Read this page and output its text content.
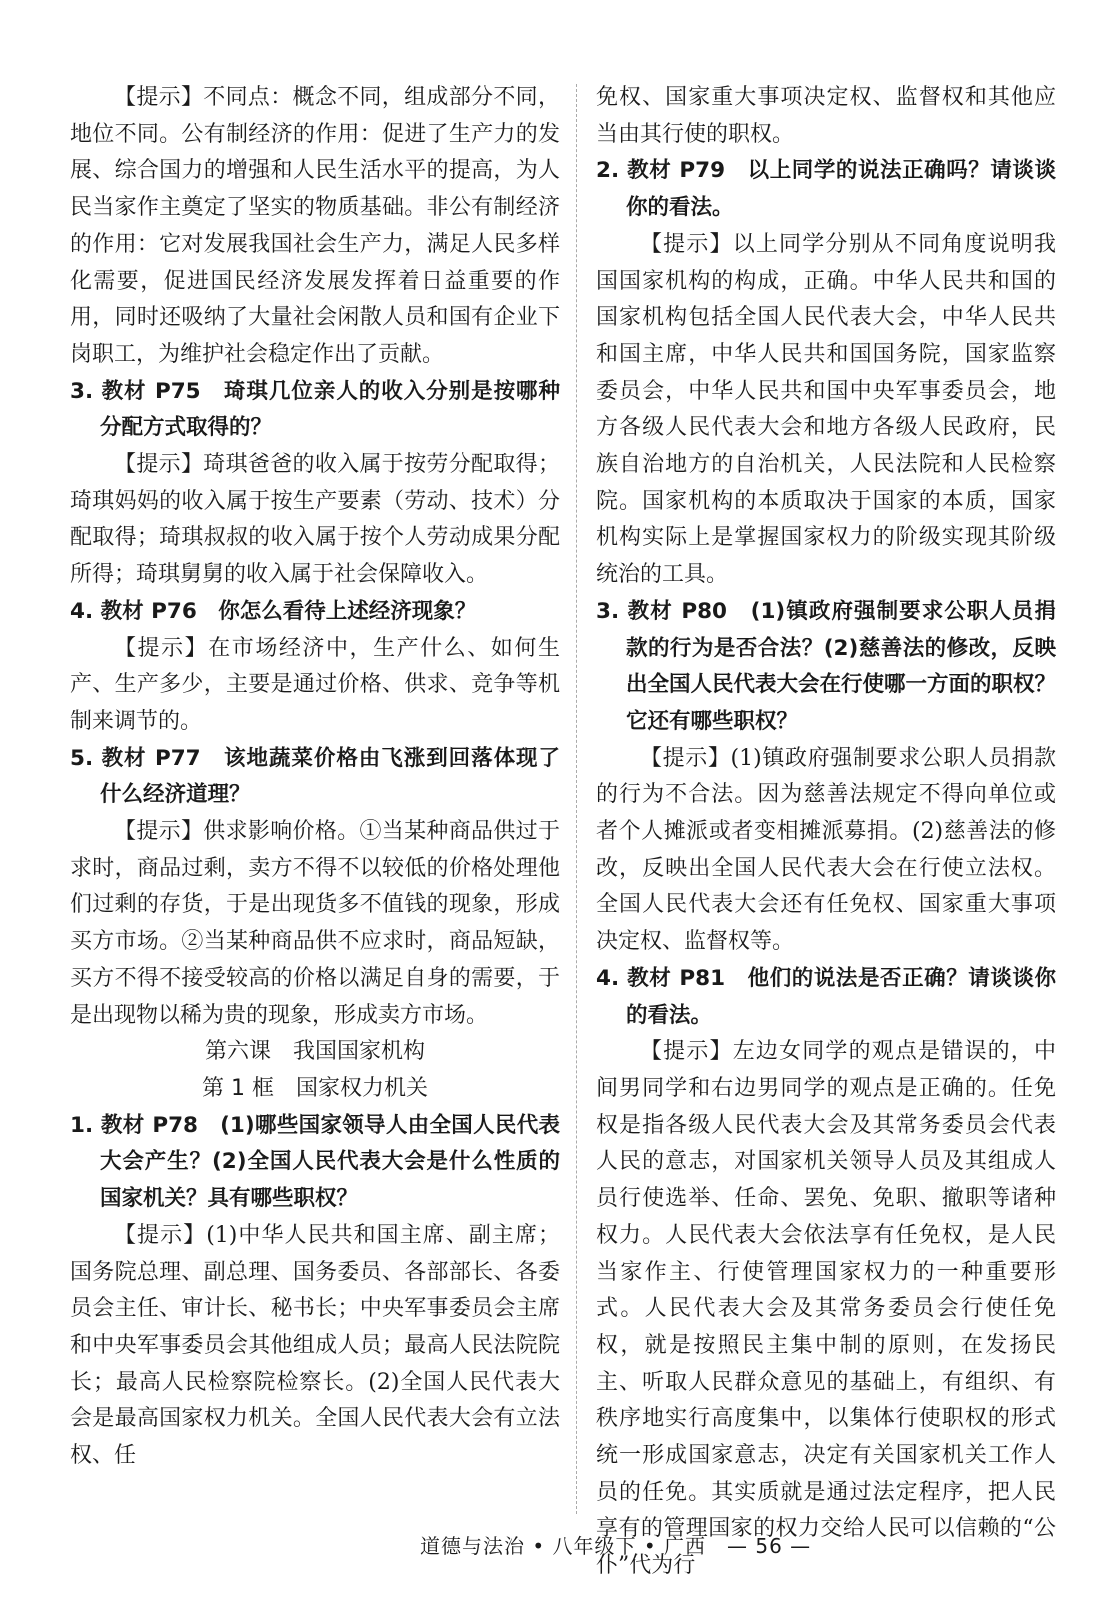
【提示】不同点：概念不同，组成部分不同，地位不同。公有制经济的作用：促进了生产力的发展、综合国力的增强和人民生活水平的提高，为人民当家作主奠定了坚实的物质基础。非公有制经济的作用：它对发展我国社会生产力，满足人民多样化需要，促进国民经济发展发挥着日益重要的作用，同时还吸纳了大量社会闲散人员和国有企业下岗职工，为维护社会稳定作出了贡献。

3. 教材 P75　琦琪几位亲人的收入分别是按哪种分配方式取得的？

【提示】琦琪爸爸的收入属于按劳分配取得；琦琪妈妈的收入属于按生产要素（劳动、技术）分配取得；琦琪叔叔的收入属于按个人劳动成果分配所得；琦琪舅舅的收入属于社会保障收入。

4. 教材 P76　你怎么看待上述经济现象？

【提示】在市场经济中，生产什么、如何生产、生产多少，主要是通过价格、供求、竞争等机制来调节的。

5. 教材 P77　该地蔬菜价格由飞涨到回落体现了什么经济道理？

【提示】供求影响价格。①当某种商品供过于求时，商品过剩，卖方不得不以较低的价格处理他们过剩的存货，于是出现货多不值钱的现象，形成买方市场。②当某种商品供不应求时，商品短缺，买方不得不接受较高的价格以满足自身的需要，于是出现物以稀为贵的现象，形成卖方市场。

第六课　我国国家机构

第 1 框　国家权力机关

1. 教材 P78　(1)哪些国家领导人由全国人民代表大会产生？(2)全国人民代表大会是什么性质的国家机关？具有哪些职权？

【提示】(1)中华人民共和国主席、副主席；国务院总理、副总理、国务委员、各部部长、各委员会主任、审计长、秘书长；中央军事委员会主席和中央军事委员会其他组成人员；最高人民法院院长；最高人民检察院检察长。(2)全国人民代表大会是最高国家权力机关。全国人民代表大会有立法权、任

免权、国家重大事项决定权、监督权和其他应当由其行使的职权。

2. 教材 P79　以上同学的说法正确吗？请谈谈你的看法。

【提示】以上同学分别从不同角度说明我国国家机构的构成，正确。中华人民共和国的国家机构包括全国人民代表大会，中华人民共和国主席，中华人民共和国国务院，国家监察委员会，中华人民共和国中央军事委员会，地方各级人民代表大会和地方各级人民政府，民族自治地方的自治机关，人民法院和人民检察院。国家机构的本质取决于国家的本质，国家机构实际上是掌握国家权力的阶级实现其阶级统治的工具。

3. 教材 P80　(1)镇政府强制要求公职人员捐款的行为是否合法？(2)慈善法的修改，反映出全国人民代表大会在行使哪一方面的职权？它还有哪些职权？

【提示】(1)镇政府强制要求公职人员捐款的行为不合法。因为慈善法规定不得向单位或者个人摊派或者变相摊派募捐。(2)慈善法的修改，反映出全国人民代表大会在行使立法权。全国人民代表大会还有任免权、国家重大事项决定权、监督权等。

4. 教材 P81　他们的说法是否正确？请谈谈你的看法。

【提示】左边女同学的观点是错误的，中间男同学和右边男同学的观点是正确的。任免权是指各级人民代表大会及其常务委员会代表人民的意志，对国家机关领导人员及其组成人员行使选举、任命、罢免、免职、撤职等诸种权力。人民代表大会依法享有任免权，是人民当家作主、行使管理国家权力的一种重要形式。人民代表大会及其常务委员会行使任免权，就是按照民主集中制的原则，在发扬民主、听取人民群众意见的基础上，有组织、有秩序地实行高度集中，以集体行使职权的形式统一形成国家意志，决定有关国家机关工作人员的任免。其实质就是通过法定程序，把人民享有的管理国家的权力交给人民可以信赖的“公仆”代为行

道德与法治 • 八年级下 • 广西　— 56 —
